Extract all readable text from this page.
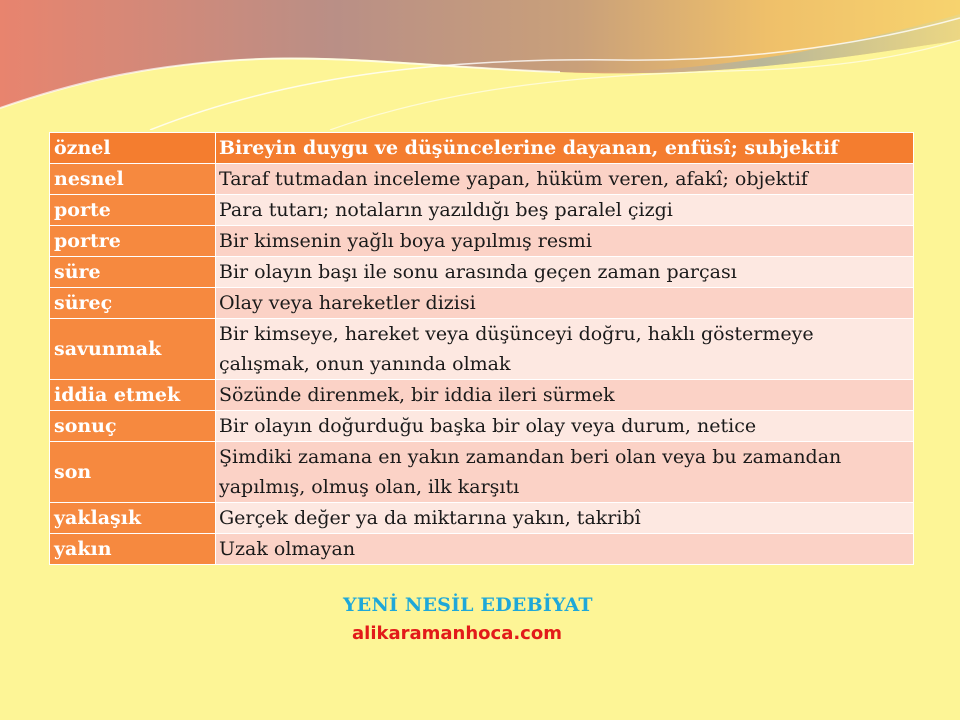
öznel	Bireyin duygu ve düşüncelerine dayanan, enfüsî; subjektif
nesnel	Taraf tutmadan inceleme yapan, hüküm veren, afakî; objektif
porte	Para tutarı; notaların yazıldığı beş paralel çizgi
portre	Bir kimsenin yağlı boya yapılmış resmi
süre	Bir olayın başı ile sonu arasında geçen zaman parçası
süreç	Olay veya hareketler dizisi
savunmak	Bir kimseye, hareket veya düşünceyi doğru, haklı göstermeye çalışmak, onun yanında olmak
iddia etmek	Sözünde direnmek, bir iddia ileri sürmek
sonuç	Bir olayın doğurduğu başka bir olay veya durum, netice
son	Şimdiki zamana en yakın zamandan beri olan veya bu zamandan yapılmış, olmuş olan, ilk karşıtı
yaklaşık	Gerçek değer ya da miktarına yakın, takribî
yakın	Uzak olmayan
YENİ NESİL EDEBİYAT
alikaramanhoca.com
